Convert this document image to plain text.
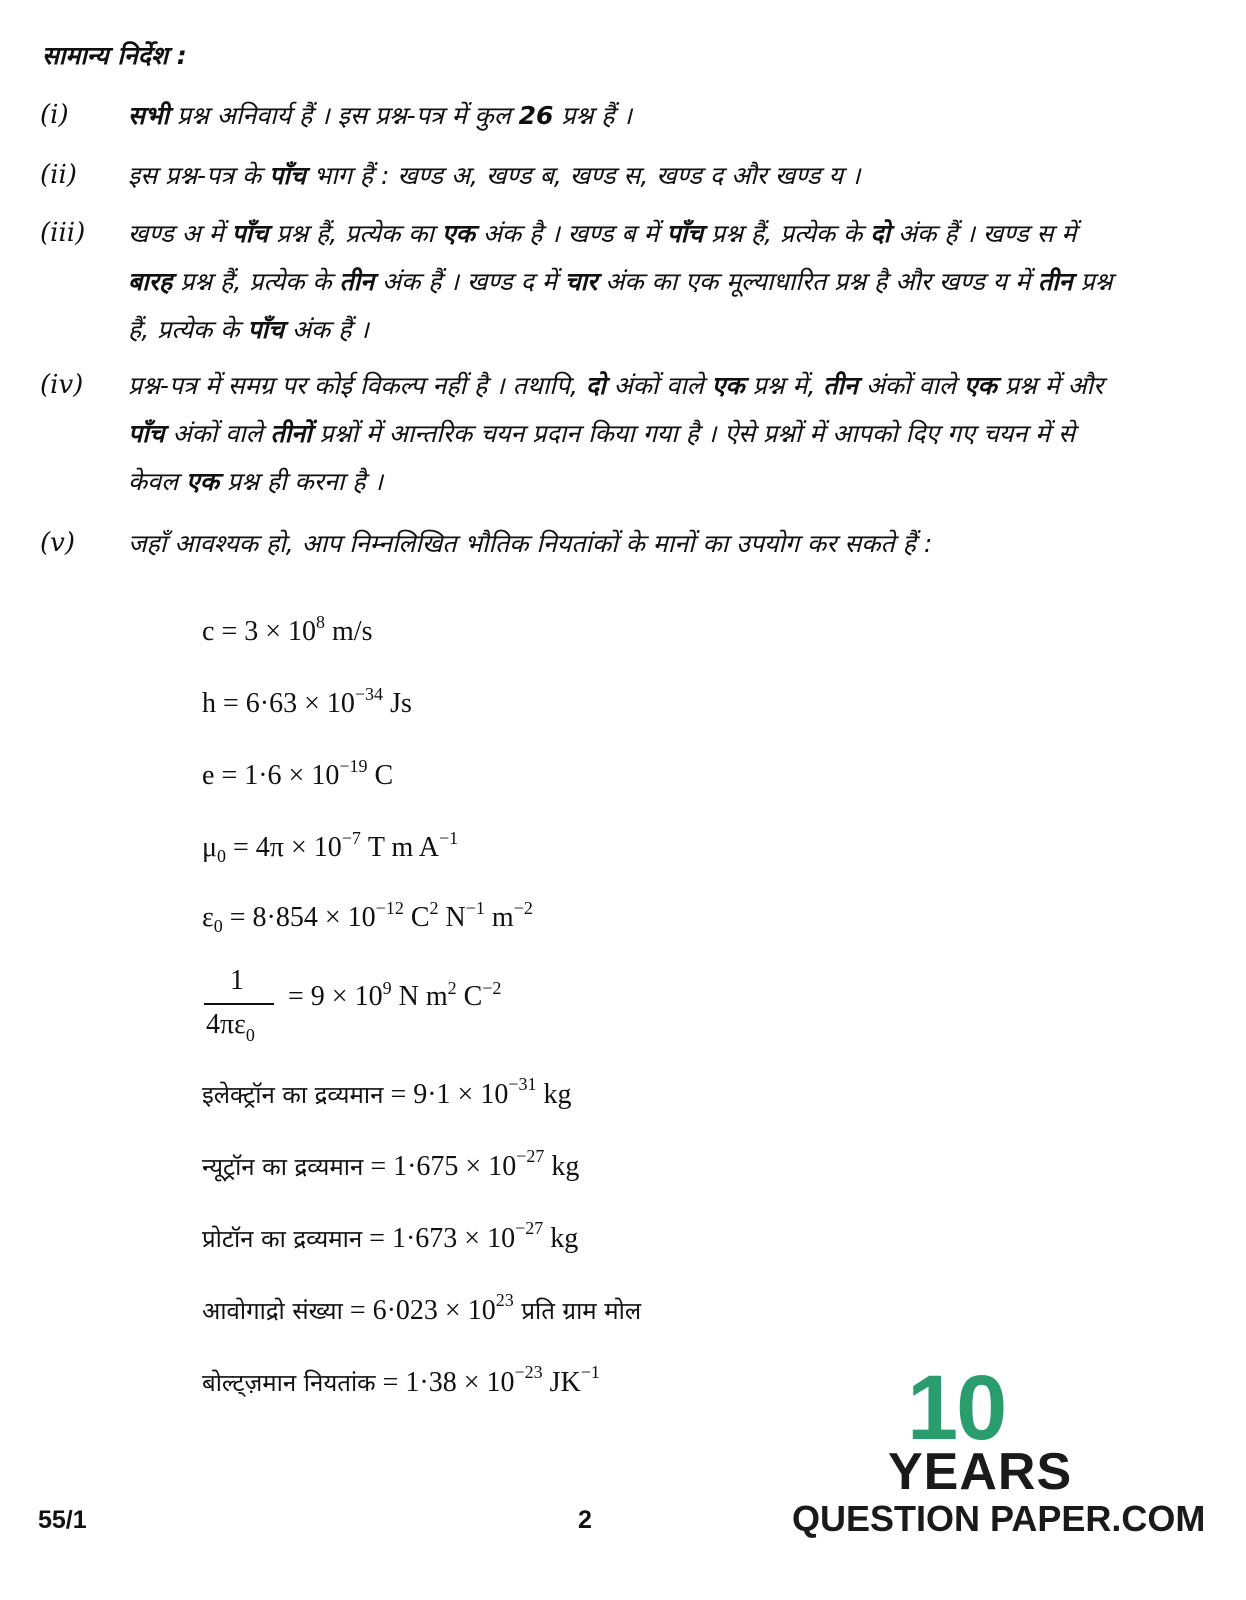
सामान्य निर्देश :
(i) सभी प्रश्न अनिवार्य हैं । इस प्रश्न-पत्र में कुल 26 प्रश्न हैं ।
(ii) इस प्रश्न-पत्र के पाँच भाग हैं : खण्ड अ, खण्ड ब, खण्ड स, खण्ड द और खण्ड य ।
(iii) खण्ड अ में पाँच प्रश्न हैं, प्रत्येक का एक अंक है । खण्ड ब में पाँच प्रश्न हैं, प्रत्येक के दो अंक हैं । खण्ड स में बारह प्रश्न हैं, प्रत्येक के तीन अंक हैं । खण्ड द में चार अंक का एक मूल्याधारित प्रश्न है और खण्ड य में तीन प्रश्न हैं, प्रत्येक के पाँच अंक हैं ।
(iv) प्रश्न-पत्र में समग्र पर कोई विकल्प नहीं है । तथापि, दो अंकों वाले एक प्रश्न में, तीन अंकों वाले एक प्रश्न में और पाँच अंकों वाले तीनों प्रश्नों में आन्तरिक चयन प्रदान किया गया है । ऐसे प्रश्नों में आपको दिए गए चयन में से केवल एक प्रश्न ही करना है ।
(v) जहाँ आवश्यक हो, आप निम्नलिखित भौतिक नियतांकों के मानों का उपयोग कर सकते हैं :
$c = 3 \times 10^8$ m/s
$h = 6\cdot 63 \times 10^{-34}$ Js
$e = 1\cdot 6 \times 10^{-19}$ C
$\mu_0 = 4\pi \times 10^{-7}$ T m $A^{-1}$
$\varepsilon_0 = 8\cdot 854 \times 10^{-12}$ $C^2$ $N^{-1}$ $m^{-2}$
1
$4\pi\varepsilon_0$
= $9 \times 10^9$ N $m^2$ $C^{-2}$
इलेक्ट्रॉन का द्रव्यमान = $9\cdot 1 \times 10^{-31}$ kg
न्यूट्रॉन का द्रव्यमान = $1\cdot 675 \times 10^{-27}$ kg
प्रोटॉन का द्रव्यमान = $1\cdot 673 \times 10^{-27}$ kg
आवोगाद्रो संख्या = $6\cdot 023 \times 10^{23}$ प्रति ग्राम मोल
बोल्ट्ज़मान नियतांक = $1\cdot 38 \times 10^{-23}$ $JK^{-1}$
55/1	2
10
YEARS
QUESTION PAPER.COM
